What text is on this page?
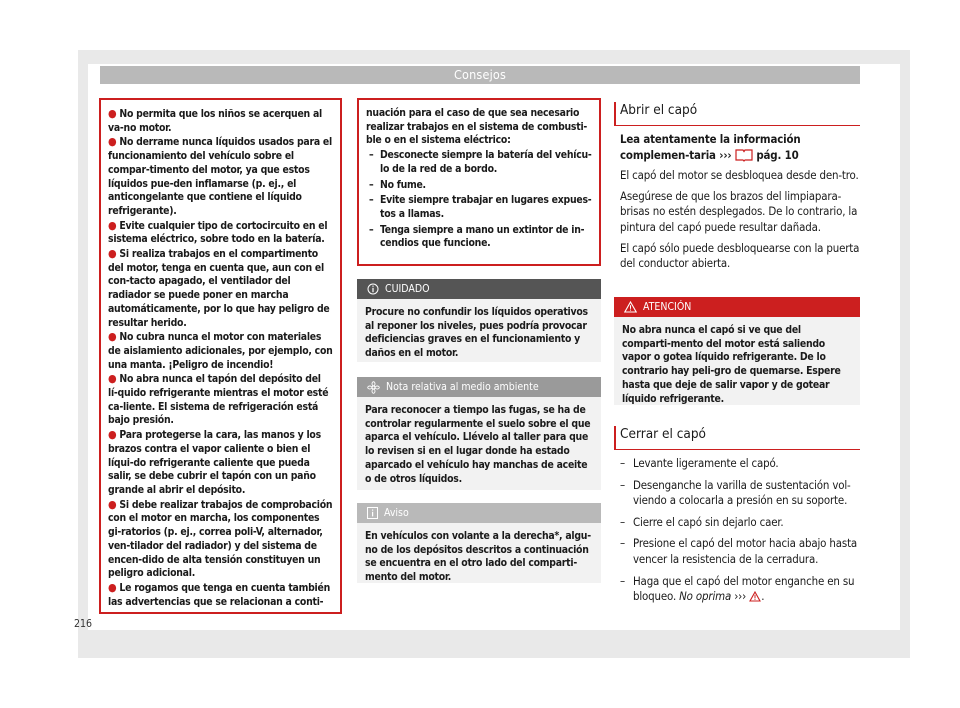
Consejos
● No permita que los niños se acerquen al va-no motor.
● No derrame nunca líquidos usados para el funcionamiento del vehículo sobre el compar-timento del motor, ya que estos líquidos pue-den inflamarse (p. ej., el anticongelante que contiene el líquido refrigerante).
● Evite cualquier tipo de cortocircuito en el sistema eléctrico, sobre todo en la batería.
● Si realiza trabajos en el compartimento del motor, tenga en cuenta que, aun con el con-tacto apagado, el ventilador del radiador se puede poner en marcha automáticamente, por lo que hay peligro de resultar herido.
● No cubra nunca el motor con materiales de aislamiento adicionales, por ejemplo, con una manta. ¡Peligro de incendio!
● No abra nunca el tapón del depósito del lí-quido refrigerante mientras el motor esté ca-liente. El sistema de refrigeración está bajo presión.
● Para protegerse la cara, las manos y los brazos contra el vapor caliente o bien el líqui-do refrigerante caliente que pueda salir, se debe cubrir el tapón con un paño grande al abrir el depósito.
● Si debe realizar trabajos de comprobación con el motor en marcha, los componentes gi-ratorios (p. ej., correa poli-V, alternador, ven-tilador del radiador) y del sistema de encen-dido de alta tensión constituyen un peligro adicional.
● Le rogamos que tenga en cuenta también las advertencias que se relacionan a conti-
nuación para el caso de que sea necesario realizar trabajos en el sistema de combusti-ble o en el sistema eléctrico:
– Desconecte siempre la batería del vehícu-lo de la red de a bordo.
– No fume.
– Evite siempre trabajar en lugares expues-tos a llamas.
– Tenga siempre a mano un extintor de in-cendios que funcione.
CUIDADO
Procure no confundir los líquidos operativos al reponer los niveles, pues podría provocar deficiencias graves en el funcionamiento y daños en el motor.
Nota relativa al medio ambiente
Para reconocer a tiempo las fugas, se ha de controlar regularmente el suelo sobre el que aparca el vehículo. Llévelo al taller para que lo revisen si en el lugar donde ha estado aparcado el vehículo hay manchas de aceite o de otros líquidos.
Aviso
En vehículos con volante a la derecha*, algu-no de los depósitos descritos a continuación se encuentra en el otro lado del comparti-mento del motor.
Abrir el capó

Lea atentamente la información complemen-taria ››› pág. 10

El capó del motor se desbloquea desde den-tro.

Asegúrese de que los brazos del limpiapara-brisas no estén desplegados. De lo contrario, la pintura del capó puede resultar dañada.

El capó sólo puede desbloquearse con la puerta del conductor abierta.

ATENCIÓN
No abra nunca el capó si ve que del comparti-mento del motor está saliendo vapor o gotea líquido refrigerante. De lo contrario hay peli-gro de quemarse. Espere hasta que deje de salir vapor y de gotear líquido refrigerante.
Cerrar el capó
– Levante ligeramente el capó.
– Desenganche la varilla de sustentación vol-viendo a colocarla a presión en su soporte.
– Cierre el capó sin dejarlo caer.
– Presione el capó del motor hacia abajo hasta vencer la resistencia de la cerradura.
– Haga que el capó del motor enganche en su bloqueo. No oprima ››› .
216
